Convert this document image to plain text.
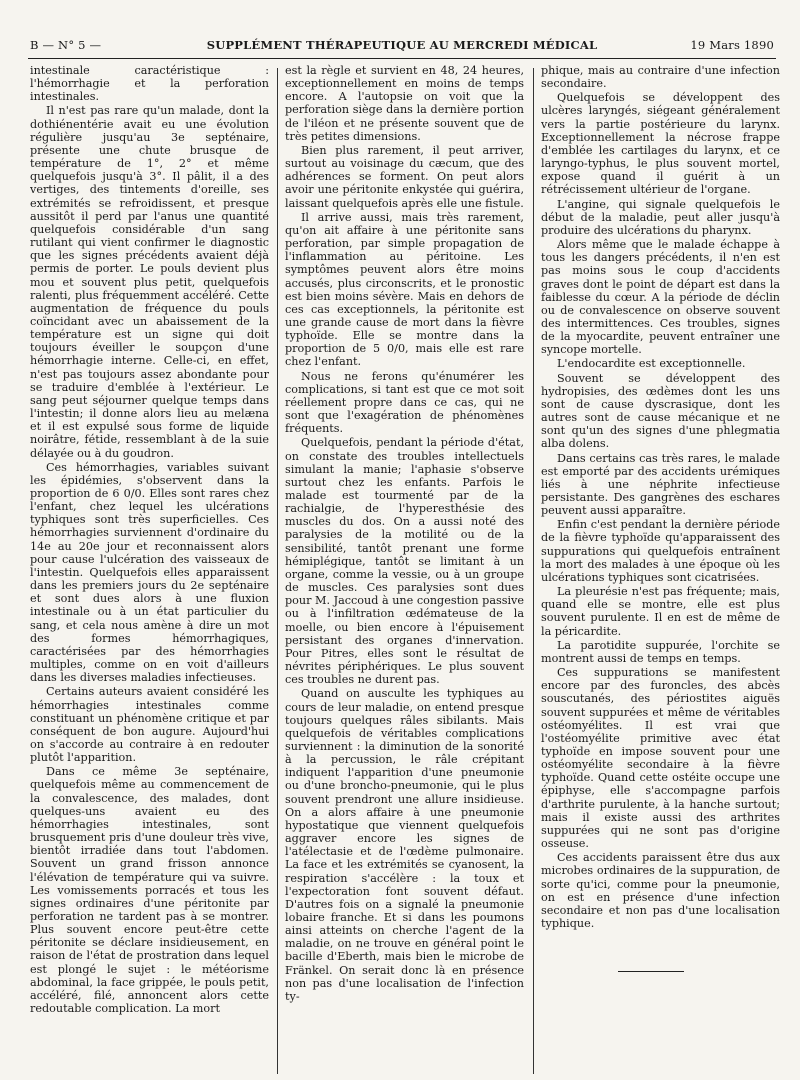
B — N° 5 —	SUPPLÉMENT THÉRAPEUTIQUE AU MERCREDI MÉDICAL	19 Mars 1890

intestinale caractéristique : l'hémorrhagie et la perforation intestinales.

Il n'est pas rare qu'un malade, dont la dothiénentérie avait eu une évolution régulière jusqu'au 3e septénaire, présente une chute brusque de température de 1°, 2° et même quelquefois jusqu'à 3°. Il pâlit, il a des vertiges, des tintements d'oreille, ses extrémités se refroidissent, et presque aussitôt il perd par l'anus une quantité quelquefois considérable d'un sang rutilant qui vient confirmer le diagnostic que les signes précédents avaient déjà permis de porter. Le pouls devient plus mou et souvent plus petit, quelquefois ralenti, plus fréquemment accéléré. Cette augmentation de fréquence du pouls coïncidant avec un abaissement de la température est un signe qui doit toujours éveiller le soupçon d'une hémorrhagie interne. Celle-ci, en effet, n'est pas toujours assez abondante pour se traduire d'emblée à l'extérieur. Le sang peut séjourner quelque temps dans l'intestin; il donne alors lieu au melæna et il est expulsé sous forme de liquide noirâtre, fétide, ressemblant à de la suie délayée ou à du goudron.

Ces hémorrhagies, variables suivant les épidémies, s'observent dans la proportion de 6 0/0. Elles sont rares chez l'enfant, chez lequel les ulcérations typhiques sont très superficielles. Ces hémorrhagies surviennent d'ordinaire du 14e au 20e jour et reconnaissent alors pour cause l'ulcération des vaisseaux de l'intestin. Quelquefois elles apparaissent dans les premiers jours du 2e septénaire et sont dues alors à une fluxion intestinale ou à un état particulier du sang, et cela nous amène à dire un mot des formes hémorrhagiques, caractérisées par des hémorrhagies multiples, comme on en voit d'ailleurs dans les diverses maladies infectieuses.

Certains auteurs avaient considéré les hémorrhagies intestinales comme constituant un phénomène critique et par conséquent de bon augure. Aujourd'hui on s'accorde au contraire à en redouter plutôt l'apparition.

Dans ce même 3e septénaire, quelquefois même au commencement de la convalescence, des malades, dont quelques-uns avaient eu des hémorrhagies intestinales, sont brusquement pris d'une douleur très vive, bientôt irradiée dans tout l'abdomen. Souvent un grand frisson annonce l'élévation de température qui va suivre. Les vomissements porracés et tous les signes ordinaires d'une péritonite par perforation ne tardent pas à se montrer. Plus souvent encore peut-être cette péritonite se déclare insidieusement, en raison de l'état de prostration dans lequel est plongé le sujet : le météorisme abdominal, la face grippée, le pouls petit, accéléré, filé, annoncent alors cette redoutable complication. La mort

est la règle et survient en 48, 24 heures, exceptionnellement en moins de temps encore. A l'autopsie on voit que la perforation siège dans la dernière portion de l'iléon et ne présente souvent que de très petites dimensions.

Bien plus rarement, il peut arriver, surtout au voisinage du cæcum, que des adhérences se forment. On peut alors avoir une péritonite enkystée qui guérira, laissant quelquefois après elle une fistule.

Il arrive aussi, mais très rarement, qu'on ait affaire à une péritonite sans perforation, par simple propagation de l'inflammation au péritoine. Les symptômes peuvent alors être moins accusés, plus circonscrits, et le pronostic est bien moins sévère. Mais en dehors de ces cas exceptionnels, la péritonite est une grande cause de mort dans la fièvre typhoïde. Elle se montre dans la proportion de 5 0/0, mais elle est rare chez l'enfant.

Nous ne ferons qu'énumérer les complications, si tant est que ce mot soit réellement propre dans ce cas, qui ne sont que l'exagération de phénomènes fréquents.

Quelquefois, pendant la période d'état, on constate des troubles intellectuels simulant la manie; l'aphasie s'observe surtout chez les enfants. Parfois le malade est tourmenté par de la rachialgie, de l'hyperesthésie des muscles du dos. On a aussi noté des paralysies de la motilité ou de la sensibilité, tantôt prenant une forme hémiplégique, tantôt se limitant à un organe, comme la vessie, ou à un groupe de muscles. Ces paralysies sont dues pour M. Jaccoud à une congestion passive ou à l'infiltration œdémateuse de la moelle, ou bien encore à l'épuisement persistant des organes d'innervation. Pour Pitres, elles sont le résultat de névrites périphériques. Le plus souvent ces troubles ne durent pas.

Quand on ausculte les typhiques au cours de leur maladie, on entend presque toujours quelques râles sibilants. Mais quelquefois de véritables complications surviennent : la diminution de la sonorité à la percussion, le râle crépitant indiquent l'apparition d'une pneumonie ou d'une broncho-pneumonie, qui le plus souvent prendront une allure insidieuse. On a alors affaire à une pneumonie hypostatique que viennent quelquefois aggraver encore les signes de l'atélectasie et de l'œdème pulmonaire. La face et les extrémités se cyanosent, la respiration s'accélère : la toux et l'expectoration font souvent défaut. D'autres fois on a signalé la pneumonie lobaire franche. Et si dans les poumons ainsi atteints on cherche l'agent de la maladie, on ne trouve en général point le bacille d'Eberth, mais bien le microbe de Fränkel. On serait donc là en présence non pas d'une localisation de l'infection ty-

phique, mais au contraire d'une infection secondaire.

Quelquefois se développent des ulcères laryngés, siégeant généralement vers la partie postérieure du larynx. Exceptionnellement la nécrose frappe d'emblée les cartilages du larynx, et ce laryngo-typhus, le plus souvent mortel, expose quand il guérit à un rétrécissement ultérieur de l'organe.

L'angine, qui signale quelquefois le début de la maladie, peut aller jusqu'à produire des ulcérations du pharynx.

Alors même que le malade échappe à tous les dangers précédents, il n'en est pas moins sous le coup d'accidents graves dont le point de départ est dans la faiblesse du cœur. A la période de déclin ou de convalescence on observe souvent des intermittences. Ces troubles, signes de la myocardite, peuvent entraîner une syncope mortelle.

L'endocardite est exceptionnelle.

Souvent se développent des hydropisies, des œdèmes dont les uns sont de cause dyscrasique, dont les autres sont de cause mécanique et ne sont qu'un des signes d'une phlegmatia alba dolens.

Dans certains cas très rares, le malade est emporté par des accidents urémiques liés à une néphrite infectieuse persistante. Des gangrènes des eschares peuvent aussi apparaître.

Enfin c'est pendant la dernière période de la fièvre typhoïde qu'apparaissent des suppurations qui quelquefois entraînent la mort des malades à une époque où les ulcérations typhiques sont cicatrisées.

La pleurésie n'est pas fréquente; mais, quand elle se montre, elle est plus souvent purulente. Il en est de même de la péricardite.

La parotidite suppurée, l'orchite se montrent aussi de temps en temps.

Ces suppurations se manifestent encore par des furoncles, des abcès souscutanés, des périostites aiguës souvent suppurées et même de véritables ostéomyélites. Il est vrai que l'ostéomyélite primitive avec état typhoïde en impose souvent pour une ostéomyélite secondaire à la fièvre typhoïde. Quand cette ostéite occupe une épiphyse, elle s'accompagne parfois d'arthrite purulente, à la hanche surtout; mais il existe aussi des arthrites suppurées qui ne sont pas d'origine osseuse.

Ces accidents paraissent être dus aux microbes ordinaires de la suppuration, de sorte qu'ici, comme pour la pneumonie, on est en présence d'une infection secondaire et non pas d'une localisation typhique.
